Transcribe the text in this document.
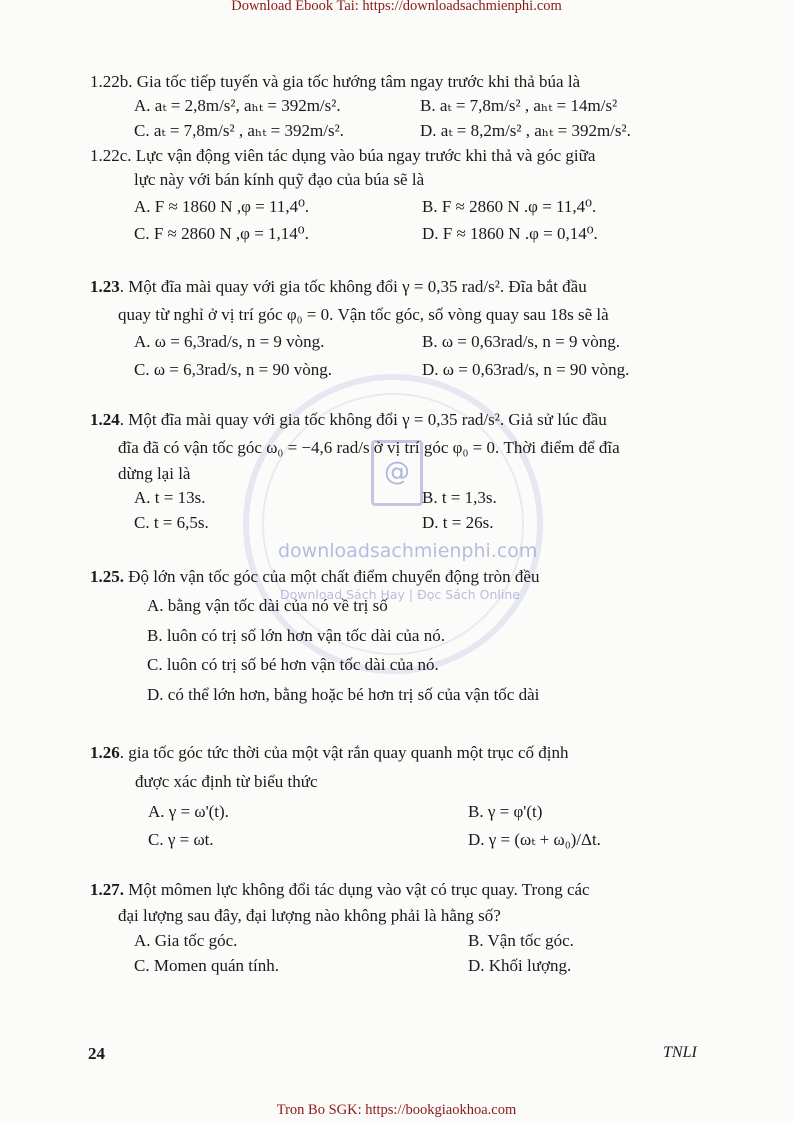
Download Ebook Tai: https://downloadsachmienphi.com
@
downloadsachmienphi.com
Download Sách Hay | Đọc Sách Online
1.22b. Gia tốc tiếp tuyến và gia tốc hướng tâm ngay trước khi thả búa là
A. aₜ = 2,8m/s², aₕₜ = 392m/s².	B. aₜ = 7,8m/s² , aₕₜ = 14m/s²
C. aₜ = 7,8m/s² , aₕₜ = 392m/s².	D. aₜ = 8,2m/s² , aₕₜ = 392m/s².
1.22c. Lực vận động viên tác dụng vào búa ngay trước khi thả và góc giữa
lực này với bán kính quỹ đạo của búa sẽ là
A. F ≈ 1860 N ,φ = 11,4⁰.	B. F ≈ 2860 N .φ = 11,4⁰.
C. F ≈ 2860 N ,φ = 1,14⁰.	D. F ≈ 1860 N .φ = 0,14⁰.
1.23. Một đĩa mài quay với gia tốc không đổi γ = 0,35 rad/s². Đĩa bắt đầu
quay từ nghỉ ở vị trí góc φ₀ = 0. Vận tốc góc, số vòng quay sau 18s sẽ là
A. ω = 6,3rad/s, n = 9 vòng.	B. ω = 0,63rad/s, n = 9 vòng.
C. ω = 6,3rad/s, n = 90 vòng.	D. ω = 0,63rad/s, n = 90 vòng.
1.24. Một đĩa mài quay với gia tốc không đổi γ = 0,35 rad/s². Giả sử lúc đầu
đĩa đã có vận tốc góc ω₀ = −4,6 rad/s ở vị trí góc φ₀ = 0. Thời điểm để đĩa
dừng lại là
A. t = 13s.	B. t = 1,3s.
C. t = 6,5s.	D. t = 26s.
1.25. Độ lớn vận tốc góc của một chất điểm chuyển động tròn đều
A. bằng vận tốc dài của nó về trị số
B. luôn có trị số lớn hơn vận tốc dài của nó.
C. luôn có trị số bé hơn vận tốc dài của nó.
D. có thể lớn hơn, bằng hoặc bé hơn trị số của vận tốc dài
1.26. gia tốc góc tức thời của một vật rắn quay quanh một trục cố định
được xác định từ biểu thức
A. γ = ω'(t).	B. γ = φ'(t)
C. γ = ωt.	D. γ = (ωₜ + ω₀)/Δt.
1.27. Một mômen lực không đổi tác dụng vào vật có trục quay. Trong các
đại lượng sau đây, đại lượng nào không phải là hằng số?
A. Gia tốc góc.	B. Vận tốc góc.
C. Momen quán tính.	D. Khối lượng.
24	TNLI
Tron Bo SGK: https://bookgiaokhoa.com
